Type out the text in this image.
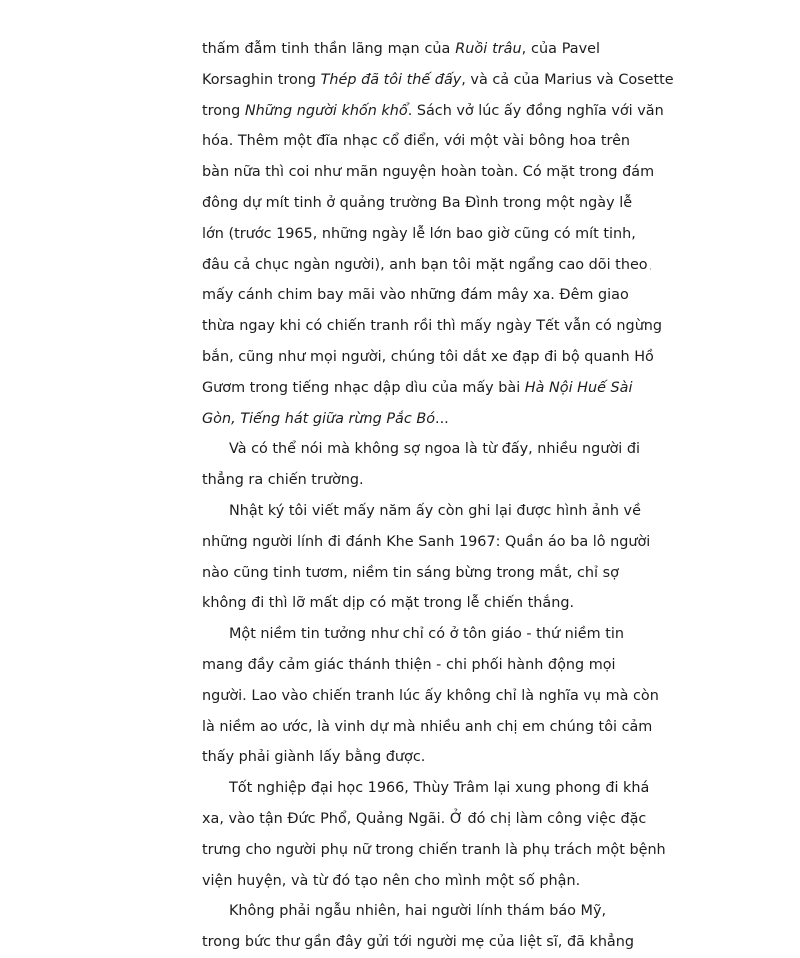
thấm đẫm tinh thần lãng mạn của Ruồi trâu, của Pavel
Korsaghin trong Thép đã tôi thế đấy, và cả của Marius và Cosette
trong Những người khốn khổ. Sách vở lúc ấy đồng nghĩa với văn
hóa. Thêm một đĩa nhạc cổ điển, với một vài bông hoa trên
bàn nữa thì coi như mãn nguyện hoàn toàn. Có mặt trong đám
đông dự mít tinh ở quảng trường Ba Đình trong một ngày lễ
lớn (trước 1965, những ngày lễ lớn bao giờ cũng có mít tinh,
đâu cả chục ngàn người), anh bạn tôi mặt ngẩng cao dõi theo
mấy cánh chim bay mãi vào những đám mây xa. Đêm giao
thừa ngay khi có chiến tranh rồi thì mấy ngày Tết vẫn có ngừng
bắn, cũng như mọi người, chúng tôi dắt xe đạp đi bộ quanh Hồ
Gươm trong tiếng nhạc dập dìu của mấy bài Hà Nội Huế Sài
Gòn, Tiếng hát giữa rừng Pắc Bó...
Và có thể nói mà không sợ ngoa là từ đấy, nhiều người đi
thẳng ra chiến trường.
Nhật ký tôi viết mấy năm ấy còn ghi lại được hình ảnh về
những người lính đi đánh Khe Sanh 1967: Quần áo ba lô người
nào cũng tinh tươm, niềm tin sáng bừng trong mắt, chỉ sợ
không đi thì lỡ mất dịp có mặt trong lễ chiến thắng.
Một niềm tin tưởng như chỉ có ở tôn giáo - thứ niềm tin
mang đầy cảm giác thánh thiện - chi phối hành động mọi
người. Lao vào chiến tranh lúc ấy không chỉ là nghĩa vụ mà còn
là niềm ao ước, là vinh dự mà nhiều anh chị em chúng tôi cảm
thấy phải giành lấy bằng được.
Tốt nghiệp đại học 1966, Thùy Trâm lại xung phong đi khá
xa, vào tận Đức Phổ, Quảng Ngãi. Ở đó chị làm công việc đặc
trưng cho người phụ nữ trong chiến tranh là phụ trách một bệnh
viện huyện, và từ đó tạo nên cho mình một số phận.
Không phải ngẫu nhiên, hai người lính thám báo Mỹ,
trong bức thư gần đây gửi tới người mẹ của liệt sĩ, đã khẳng
